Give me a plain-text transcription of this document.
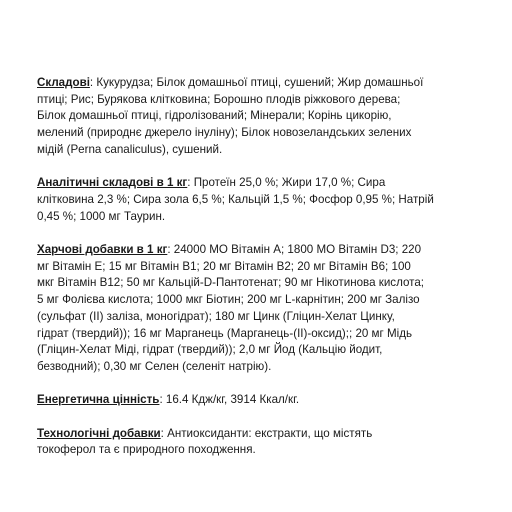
Складові: Кукурудза; Білок домашньої птиці, сушений; Жир домашньої

птиці; Рис; Бурякова клітковина; Борошно плодів ріжкового дерева;

Білок домашньої птиці, гідролізований; Мінерали; Корінь цикорію,

мелений (природнє джерело інуліну); Білок новозеландських зелених

мідій (Perna canaliculus), сушений.

Аналітичні складові в 1 кг: Протеїн 25,0 %; Жири 17,0 %; Сира

клітковина 2,3 %; Сира зола 6,5 %; Кальцій 1,5 %; Фосфор 0,95 %; Натрій

0,45 %; 1000 мг Таурин.

Харчові добавки в 1 кг: 24000 МО Вітамін А; 1800 МО Вітамін D3; 220

мг Вітамін Е; 15 мг Вітамін В1; 20 мг Вітамін В2; 20 мг Вітамін В6; 100

мкг Вітамін В12; 50 мг Кальцій-D-Пантотенат; 90 мг Нікотинова кислота;

5 мг Фолієва кислота; 1000 мкг Біотин; 200 мг L-карнітин; 200 мг Залізо

(сульфат (ІІ) заліза, моногідрат); 180 мг Цинк (Гліцин-Хелат Цинку,

гідрат (твердий)); 16 мг Марганець (Марганець-(ІІ)-оксид);; 20 мг Мідь

(Гліцин-Хелат Міді, гідрат (твердий)); 2,0 мг Йод (Кальцію йодит,

безводний); 0,30 мг Селен (селеніт натрію).

Енергетична цінність: 16.4 Кдж/кг, 3914 Ккал/кг.

Технологічні добавки: Антиоксиданти: екстракти, що містять

токоферол та є природного походження.
